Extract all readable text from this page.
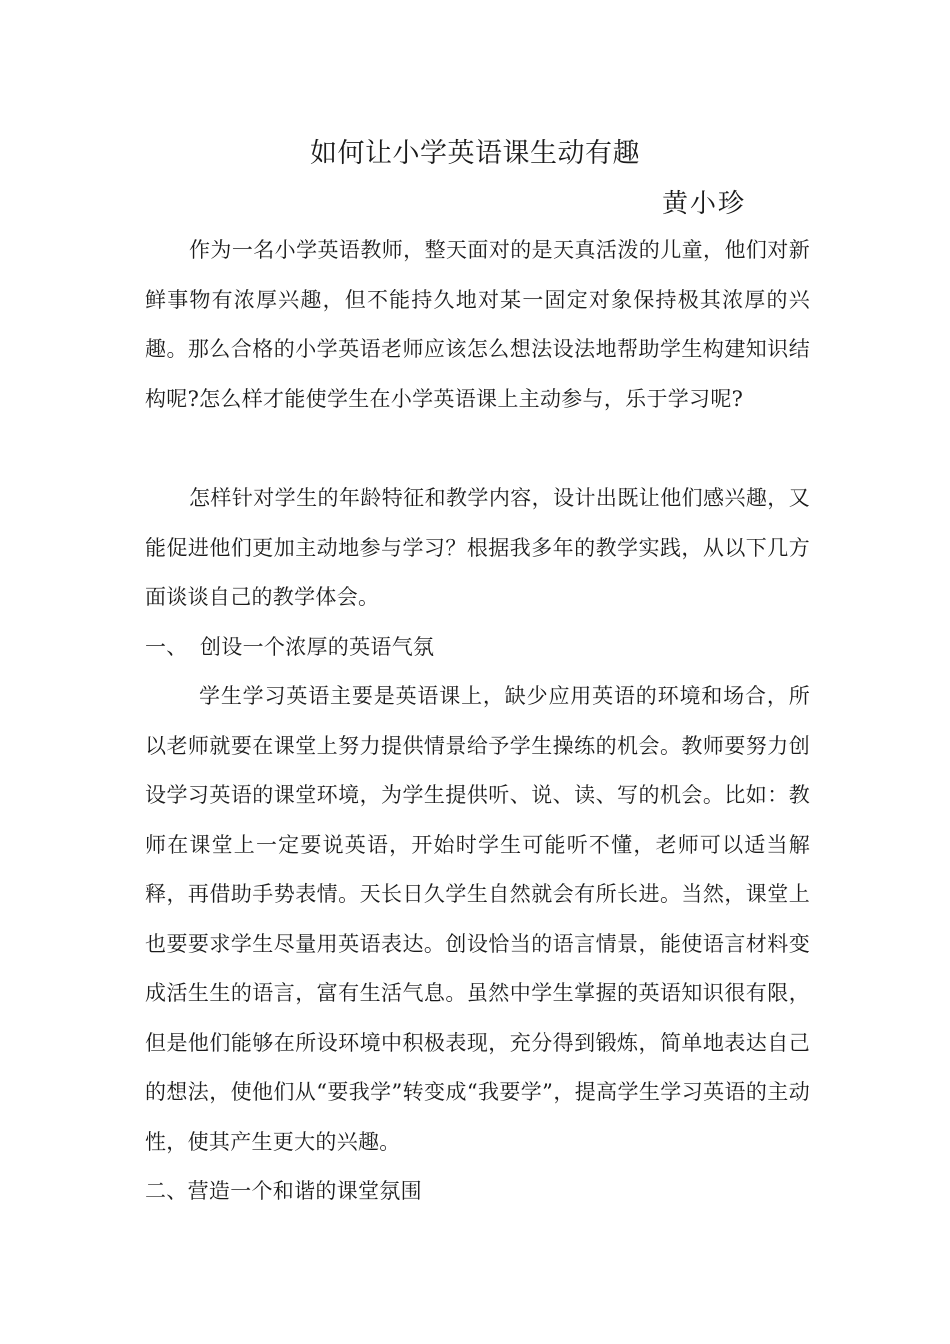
如何让小学英语课生动有趣
黄小珍

作为一名小学英语教师，整天面对的是天真活泼的儿童，他们对新鲜事物有浓厚兴趣，但不能持久地对某一固定对象保持极其浓厚的兴趣。那么合格的小学英语老师应该怎么想法设法地帮助学生构建知识结构呢?怎么样才能使学生在小学英语课上主动参与，乐于学习呢?

怎样针对学生的年龄特征和教学内容，设计出既让他们感兴趣，又能促进他们更加主动地参与学习？根据我多年的教学实践，从以下几方面谈谈自己的教学体会。

一、 创设一个浓厚的英语气氛

学生学习英语主要是英语课上，缺少应用英语的环境和场合，所以老师就要在课堂上努力提供情景给予学生操练的机会。教师要努力创设学习英语的课堂环境，为学生提供听、说、读、写的机会。比如：教师在课堂上一定要说英语，开始时学生可能听不懂，老师可以适当解释，再借助手势表情。天长日久学生自然就会有所长进。当然，课堂上也要要求学生尽量用英语表达。创设恰当的语言情景，能使语言材料变成活生生的语言，富有生活气息。虽然中学生掌握的英语知识很有限，但是他们能够在所设环境中积极表现，充分得到锻炼，简单地表达自己的想法，使他们从“要我学”转变成“我要学”，提高学生学习英语的主动性，使其产生更大的兴趣。

二、营造一个和谐的课堂氛围
